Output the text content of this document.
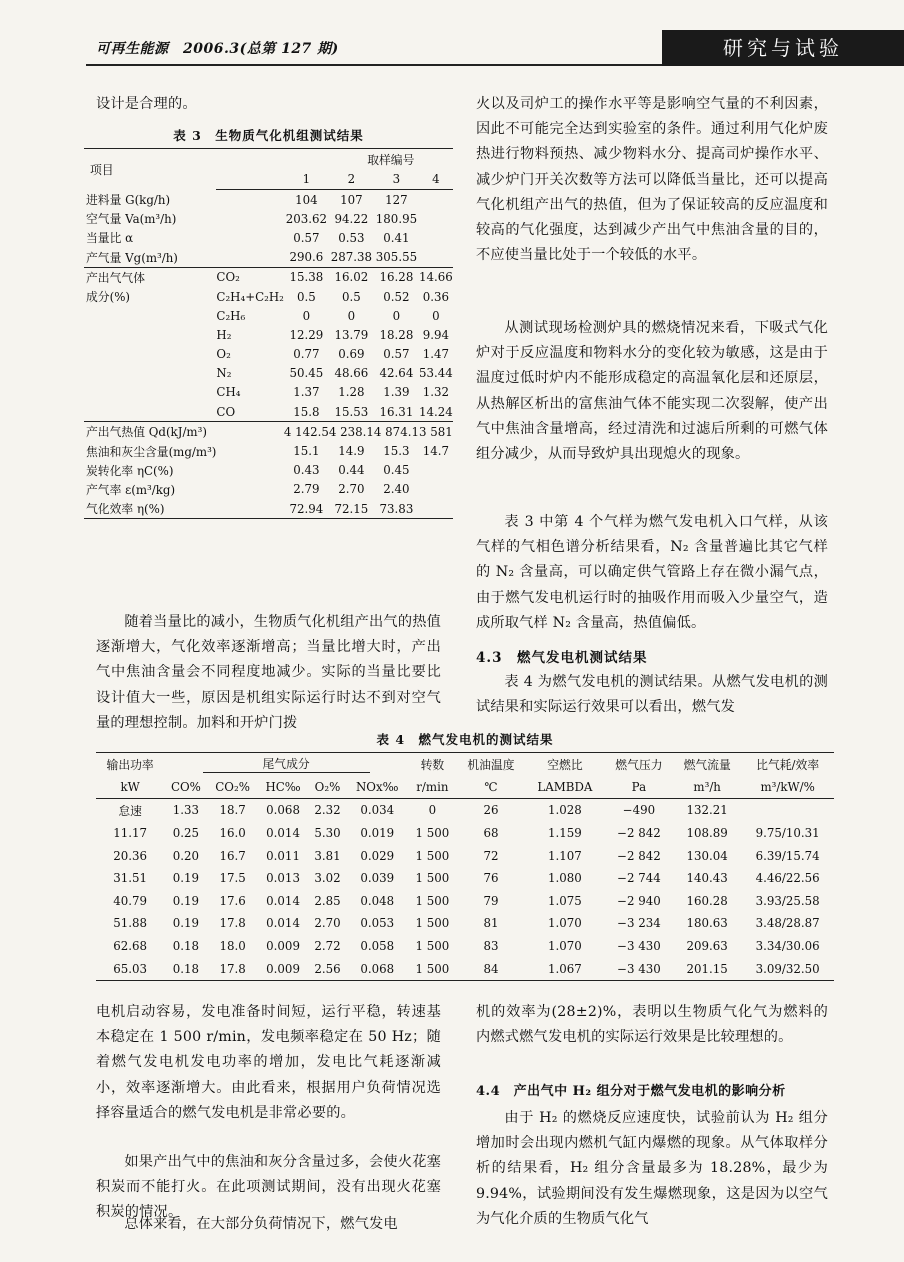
可再生能源　2006.3(总第 127 期)	研究与试验
设计是合理的。
表 3　生物质气化机组测试结果
项目			取样编号		
		1	2	3	4
进料量 G(kg/h)		104	107	127	
空气量 Va(m³/h)		203.62	94.22	180.95	
当量比 α		0.57	0.53	0.41	
产气量 Vg(m³/h)		290.6	287.38	305.55	
产出气气体	CO₂	15.38	16.02	16.28	14.66
成分(%)	C₂H₄+C₂H₂	0.5	0.5	0.52	0.36
	C₂H₆	0	0	0	0
	H₂	12.29	13.79	18.28	9.94
	O₂	0.77	0.69	0.57	1.47
	N₂	50.45	48.66	42.64	53.44
	CH₄	1.37	1.28	1.39	1.32
	CO	15.8	15.53	16.31	14.24
产出气热值 Qd(kJ/m³)		4 142.5	4 238.1	4 874.1	3 581
焦油和灰尘含量(mg/m³)		15.1	14.9	15.3	14.7
炭转化率 ηC(%)		0.43	0.44	0.45	
产气率 ε(m³/kg)		2.79	2.70	2.40	
气化效率 η(%)		72.94	72.15	73.83	
随着当量比的减小，生物质气化机组产出气的热值逐渐增大，气化效率逐渐增高；当量比增大时，产出气中焦油含量会不同程度地减少。实际的当量比要比设计值大一些，原因是机组实际运行时达不到对空气量的理想控制。加料和开炉门拨
火以及司炉工的操作水平等是影响空气量的不利因素，因此不可能完全达到实验室的条件。通过利用气化炉废热进行物料预热、减少物料水分、提高司炉操作水平、减少炉门开关次数等方法可以降低当量比，还可以提高气化机组产出气的热值，但为了保证较高的反应温度和较高的气化强度，达到减少产出气中焦油含量的目的，不应使当量比处于一个较低的水平。
从测试现场检测炉具的燃烧情况来看，下吸式气化炉对于反应温度和物料水分的变化较为敏感，这是由于温度过低时炉内不能形成稳定的高温氧化层和还原层，从热解区析出的富焦油气体不能实现二次裂解，使产出气中焦油含量增高，经过清洗和过滤后所剩的可燃气体组分减少，从而导致炉具出现熄火的现象。
表 3 中第 4 个气样为燃气发电机入口气样，从该气样的气相色谱分析结果看，N₂ 含量普遍比其它气样的 N₂ 含量高，可以确定供气管路上存在微小漏气点，由于燃气发电机运行时的抽吸作用而吸入少量空气，造成所取气样 N₂ 含量高，热值偏低。
4.3　燃气发电机测试结果
表 4 为燃气发电机的测试结果。从燃气发电机的测试结果和实际运行效果可以看出，燃气发
表 4　燃气发电机的测试结果
输出功率	尾气成分					转数	机油温度	空燃比	燃气压力	燃气流量	比气耗/效率
kW	CO%	CO₂%	HC‰	O₂%	NOx‰	r/min	℃	LAMBDA	Pa	m³/h	m³/kW/%
怠速	1.33	18.7	0.068	2.32	0.034	0	26	1.028	−490	132.21	
11.17	0.25	16.0	0.014	5.30	0.019	1 500	68	1.159	−2 842	108.89	9.75/10.31
20.36	0.20	16.7	0.011	3.81	0.029	1 500	72	1.107	−2 842	130.04	6.39/15.74
31.51	0.19	17.5	0.013	3.02	0.039	1 500	76	1.080	−2 744	140.43	4.46/22.56
40.79	0.19	17.6	0.014	2.85	0.048	1 500	79	1.075	−2 940	160.28	3.93/25.58
51.88	0.19	17.8	0.014	2.70	0.053	1 500	81	1.070	−3 234	180.63	3.48/28.87
62.68	0.18	18.0	0.009	2.72	0.058	1 500	83	1.070	−3 430	209.63	3.34/30.06
65.03	0.18	17.8	0.009	2.56	0.068	1 500	84	1.067	−3 430	201.15	3.09/32.50
电机启动容易，发电准备时间短，运行平稳，转速基本稳定在 1 500 r/min，发电频率稳定在 50 Hz；随着燃气发电机发电功率的增加，发电比气耗逐渐减小，效率逐渐增大。由此看来，根据用户负荷情况选择容量适合的燃气发电机是非常必要的。
如果产出气中的焦油和灰分含量过多，会使火花塞积炭而不能打火。在此项测试期间，没有出现火花塞积炭的情况。
总体来看，在大部分负荷情况下，燃气发电
机的效率为(28±2)%，表明以生物质气化气为燃料的内燃式燃气发电机的实际运行效果是比较理想的。
4.4　产出气中 H₂ 组分对于燃气发电机的影响分析
由于 H₂ 的燃烧反应速度快，试验前认为 H₂ 组分增加时会出现内燃机气缸内爆燃的现象。从气体取样分析的结果看，H₂ 组分含量最多为 18.28%，最少为 9.94%，试验期间没有发生爆燃现象，这是因为以空气为气化介质的生物质气化气
